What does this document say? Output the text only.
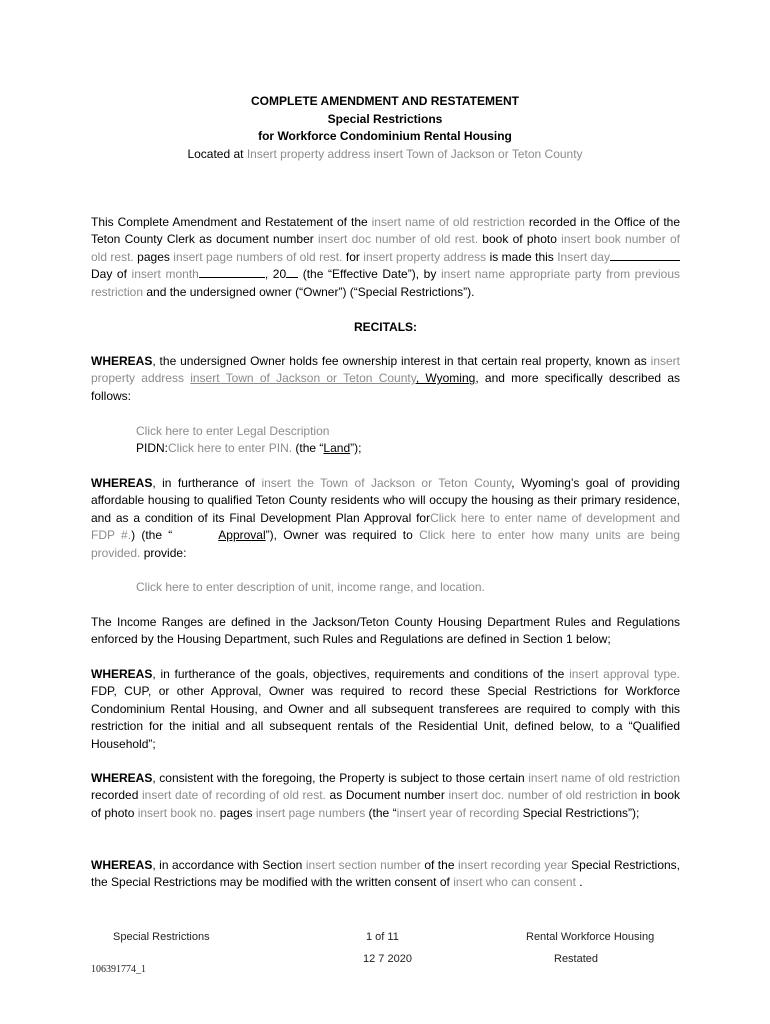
COMPLETE AMENDMENT AND RESTATEMENT
Special Restrictions
for Workforce Condominium Rental Housing
Located at Insert property address insert Town of Jackson or Teton County
This Complete Amendment and Restatement of the insert name of old restriction recorded in the Office of the Teton County Clerk as document number insert doc number of old rest. book of photo insert book number of old rest. pages insert page numbers of old rest. for insert property address is made this Insert day Day of insert month	, 20 (the “Effective Date”), by insert name appropriate party from previous restriction and the undersigned owner (“Owner”) (“Special Restrictions”).
RECITALS:
WHEREAS, the undersigned Owner holds fee ownership interest in that certain real property, known as insert property address insert Town of Jackson or Teton County, Wyoming, and more specifically described as follows:
Click here to enter Legal Description
PIDN:Click here to enter PIN. (the “Land”);
WHEREAS, in furtherance of insert the Town of Jackson or Teton County, Wyoming’s goal of providing affordable housing to qualified Teton County residents who will occupy the housing as their primary residence, and as a condition of its Final Development Plan Approval forClick here to enter name of development and FDP #.) (the “	Approval”), Owner was required to Click here to enter how many units are being provided. provide:
Click here to enter description of unit, income range, and location.
The Income Ranges are defined in the Jackson/Teton County Housing Department Rules and Regulations enforced by the Housing Department, such Rules and Regulations are defined in Section 1 below;
WHEREAS, in furtherance of the goals, objectives, requirements and conditions of the insert approval type. FDP, CUP, or other Approval, Owner was required to record these Special Restrictions for Workforce Condominium Rental Housing, and Owner and all subsequent transferees are required to comply with this restriction for the initial and all subsequent rentals of the Residential Unit, defined below, to a “Qualified Household”;
WHEREAS, consistent with the foregoing, the Property is subject to those certain insert name of old restriction recorded insert date of recording of old rest. as Document number insert doc. number of old restriction in book of photo insert book no. pages insert page numbers (the “insert year of recording Special Restrictions”);
WHEREAS, in accordance with Section insert section number of the insert recording year Special Restrictions, the Special Restrictions may be modified with the written consent of insert who can consent .
Special Restrictions	1 of 11	Rental Workforce Housing
12 7 2020	Restated
106391774_1
